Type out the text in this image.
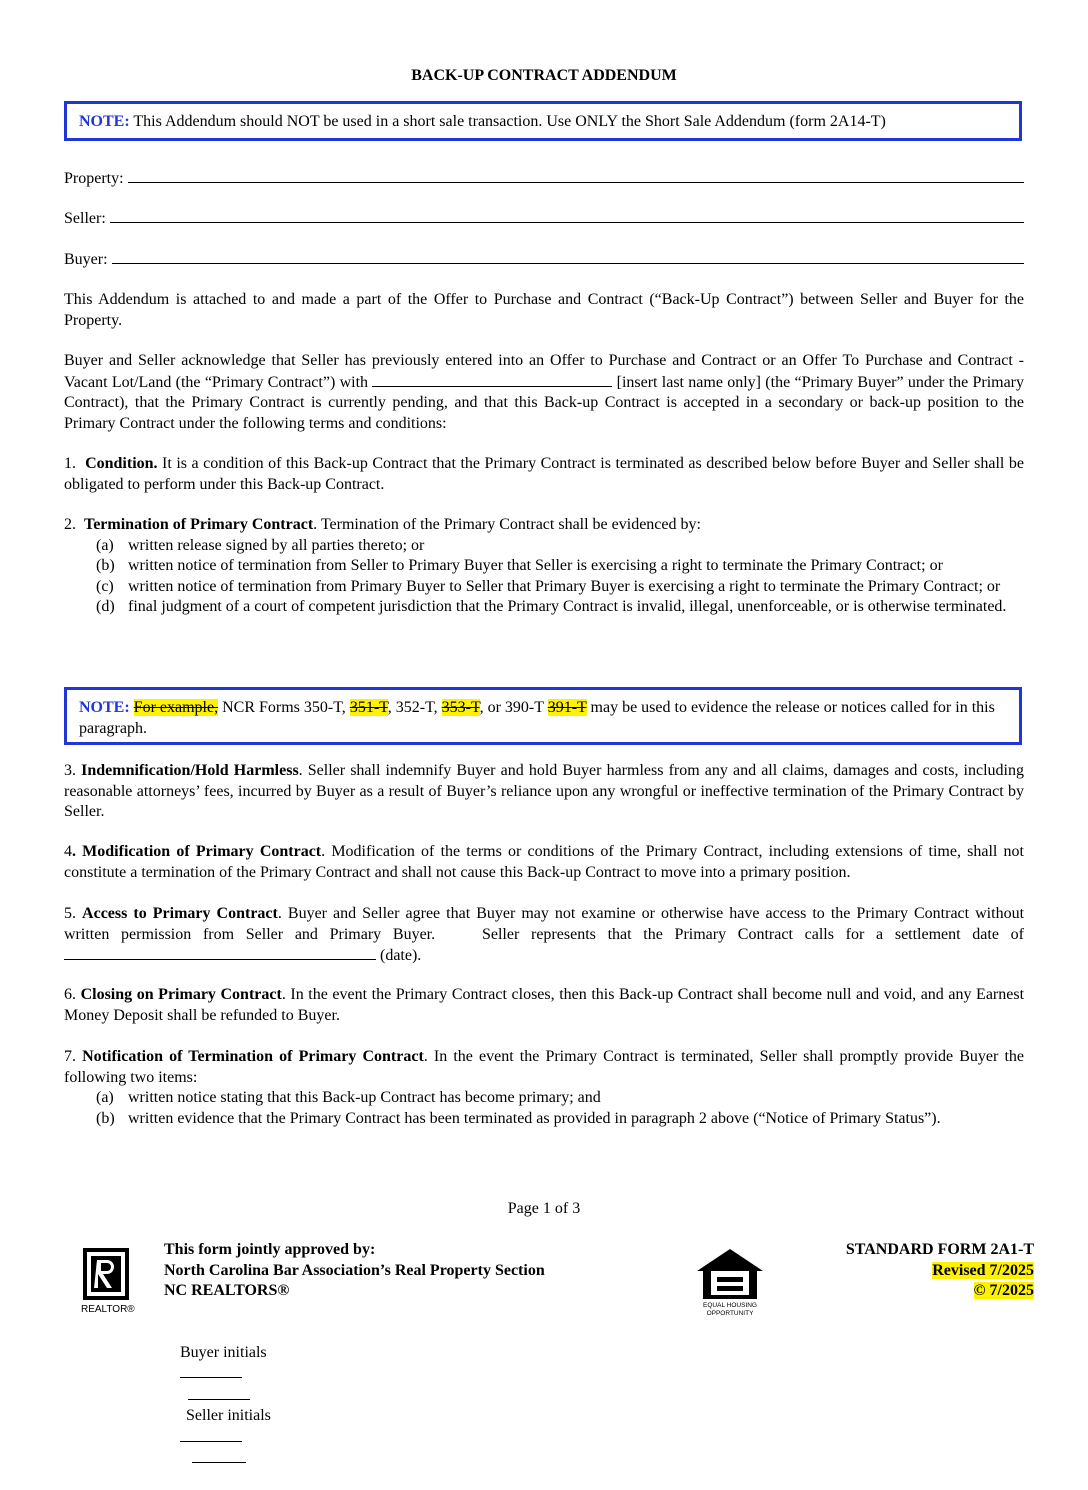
BACK-UP CONTRACT ADDENDUM
NOTE: This Addendum should NOT be used in a short sale transaction. Use ONLY the Short Sale Addendum (form 2A14-T)
Property:
Seller:
Buyer:
This Addendum is attached to and made a part of the Offer to Purchase and Contract (“Back-Up Contract”) between Seller and Buyer for the Property.
Buyer and Seller acknowledge that Seller has previously entered into an Offer to Purchase and Contract or an Offer To Purchase and Contract - Vacant Lot/Land (the “Primary Contract”) with	[insert last name only] (the “Primary Buyer” under the Primary Contract), that the Primary Contract is currently pending, and that this Back-up Contract is accepted in a secondary or back-up position to the Primary Contract under the following terms and conditions:
1.  Condition. It is a condition of this Back-up Contract that the Primary Contract is terminated as described below before Buyer and Seller shall be obligated to perform under this Back-up Contract.

2.  Termination of Primary Contract. Termination of the Primary Contract shall be evidenced by:

(a) written release signed by all parties thereto; or
(b) written notice of termination from Seller to Primary Buyer that Seller is exercising a right to terminate the Primary Contract; or
(c) written notice of termination from Primary Buyer to Seller that Primary Buyer is exercising a right to terminate the Primary Contract; or
(d) final judgment of a court of competent jurisdiction that the Primary Contract is invalid, illegal, unenforceable, or is otherwise terminated.
NOTE: For example, NCR Forms 350-T, 351-T, 352-T, 353-T, or 390-T 391-T may be used to evidence the release or notices called for in this paragraph.
3. Indemnification/Hold Harmless. Seller shall indemnify Buyer and hold Buyer harmless from any and all claims, damages and costs, including reasonable attorneys’ fees, incurred by Buyer as a result of Buyer’s reliance upon any wrongful or ineffective termination of the Primary Contract by Seller.
4. Modification of Primary Contract. Modification of the terms or conditions of the Primary Contract, including extensions of time, shall not constitute a termination of the Primary Contract and shall not cause this Back-up Contract to move into a primary position.
5. Access to Primary Contract. Buyer and Seller agree that Buyer may not examine or otherwise have access to the Primary Contract without written permission from Seller and Primary Buyer.    Seller represents that the Primary Contract calls for a settlement date of  (date).
6. Closing on Primary Contract. In the event the Primary Contract closes, then this Back-up Contract shall become null and void, and any Earnest Money Deposit shall be refunded to Buyer.

7. Notification of Termination of Primary Contract. In the event the Primary Contract is terminated, Seller shall promptly provide Buyer the following two items:

(a) written notice stating that this Back-up Contract has become primary; and
(b) written evidence that the Primary Contract has been terminated as provided in paragraph 2 above (“Notice of Primary Status”).
Page 1 of 3
REALTOR®
This form jointly approved by:
North Carolina Bar Association’s Real Property Section
NC REALTORS®
EQUAL HOUSING
OPPORTUNITY
STANDARD FORM 2A1-T
Revised 7/2025
© 7/2025

Buyer initials

Seller initials
